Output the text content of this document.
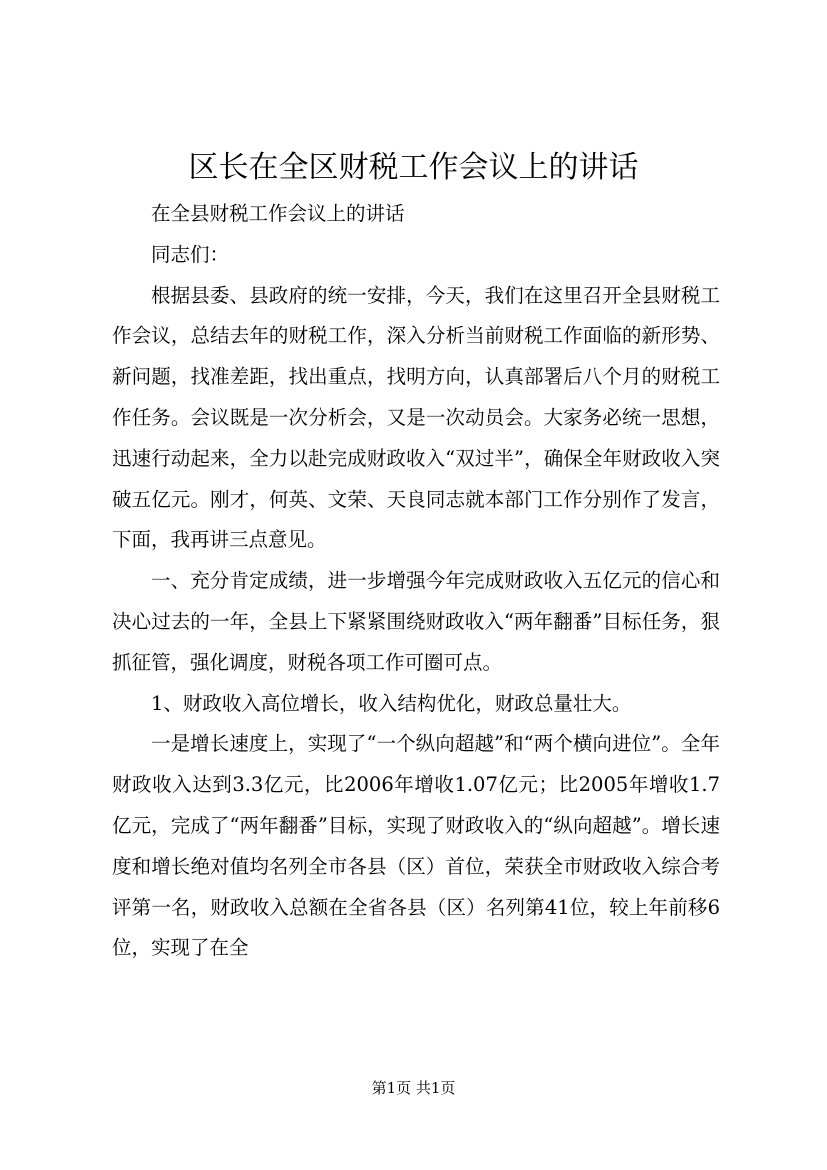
区长在全区财税工作会议上的讲话

在全县财税工作会议上的讲话

同志们：

根据县委、县政府的统一安排，今天，我们在这里召开全县财税工作会议，总结去年的财税工作，深入分析当前财税工作面临的新形势、新问题，找准差距，找出重点，找明方向，认真部署后八个月的财税工作任务。会议既是一次分析会，又是一次动员会。大家务必统一思想，迅速行动起来，全力以赴完成财政收入“双过半”，确保全年财政收入突破五亿元。刚才，何英、文荣、天良同志就本部门工作分别作了发言，下面，我再讲三点意见。

一、充分肯定成绩，进一步增强今年完成财政收入五亿元的信心和决心过去的一年，全县上下紧紧围绕财政收入“两年翻番”目标任务，狠抓征管，强化调度，财税各项工作可圈可点。

1、财政收入高位增长，收入结构优化，财政总量壮大。

一是增长速度上，实现了“一个纵向超越”和“两个横向进位”。全年财政收入达到3.3亿元，比2006年增收1.07亿元；比2005年增收1.7亿元，完成了“两年翻番”目标，实现了财政收入的“纵向超越”。增长速度和增长绝对值均名列全市各县（区）首位，荣获全市财政收入综合考评第一名，财政收入总额在全省各县（区）名列第41位，较上年前移6位，实现了在全

第1页 共1页
